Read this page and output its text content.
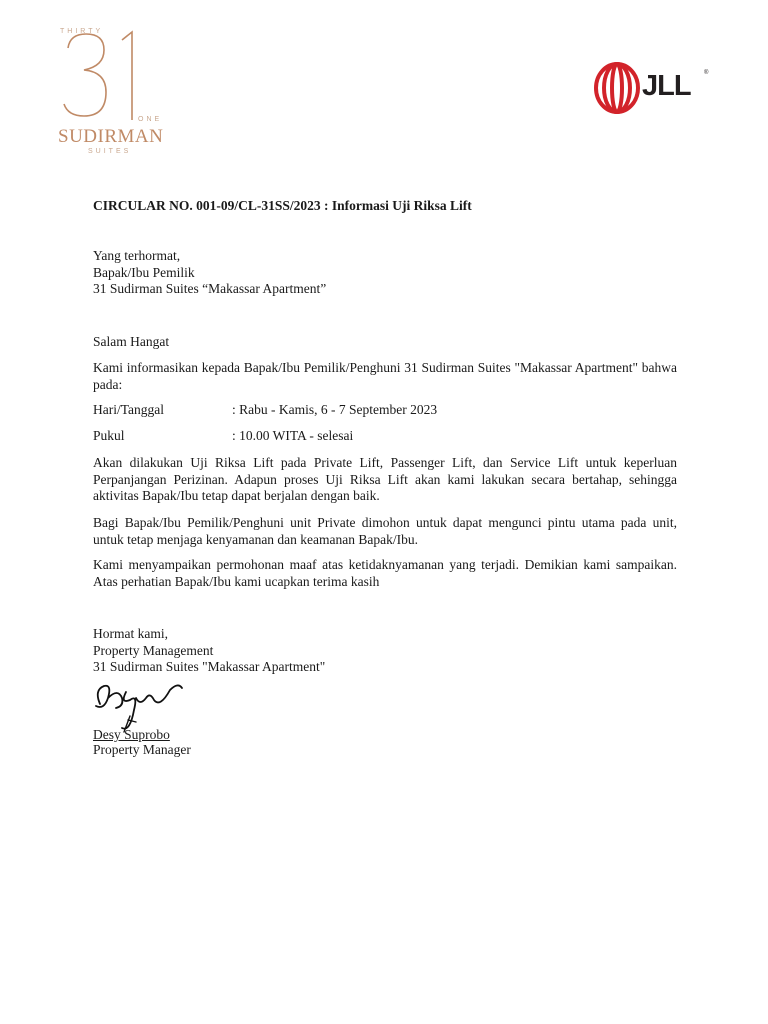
THIRTY
ONE
SUDIRMAN
SUITES
JLL ®
CIRCULAR NO. 001-09/CL-31SS/2023 : Informasi Uji Riksa Lift
Yang terhormat,
Bapak/Ibu Pemilik
31 Sudirman Suites “Makassar Apartment”
Salam Hangat
Kami informasikan kepada Bapak/Ibu Pemilik/Penghuni 31 Sudirman Suites "Makassar Apartment" bahwa pada:
Hari/Tanggal	: Rabu - Kamis, 6 - 7 September 2023
Pukul	: 10.00 WITA - selesai
Akan dilakukan Uji Riksa Lift pada Private Lift, Passenger Lift, dan Service Lift untuk keperluan Perpanjangan Perizinan. Adapun proses Uji Riksa Lift akan kami lakukan secara bertahap, sehingga aktivitas Bapak/Ibu tetap dapat berjalan dengan baik.
Bagi Bapak/Ibu Pemilik/Penghuni unit Private dimohon untuk dapat mengunci pintu utama pada unit, untuk tetap menjaga kenyamanan dan keamanan Bapak/Ibu.
Kami menyampaikan permohonan maaf atas ketidaknyamanan yang terjadi. Demikian kami sampaikan. Atas perhatian Bapak/Ibu kami ucapkan terima kasih
Hormat kami,
Property Management
31 Sudirman Suites "Makassar Apartment"
Desy Suprobo
Property Manager
